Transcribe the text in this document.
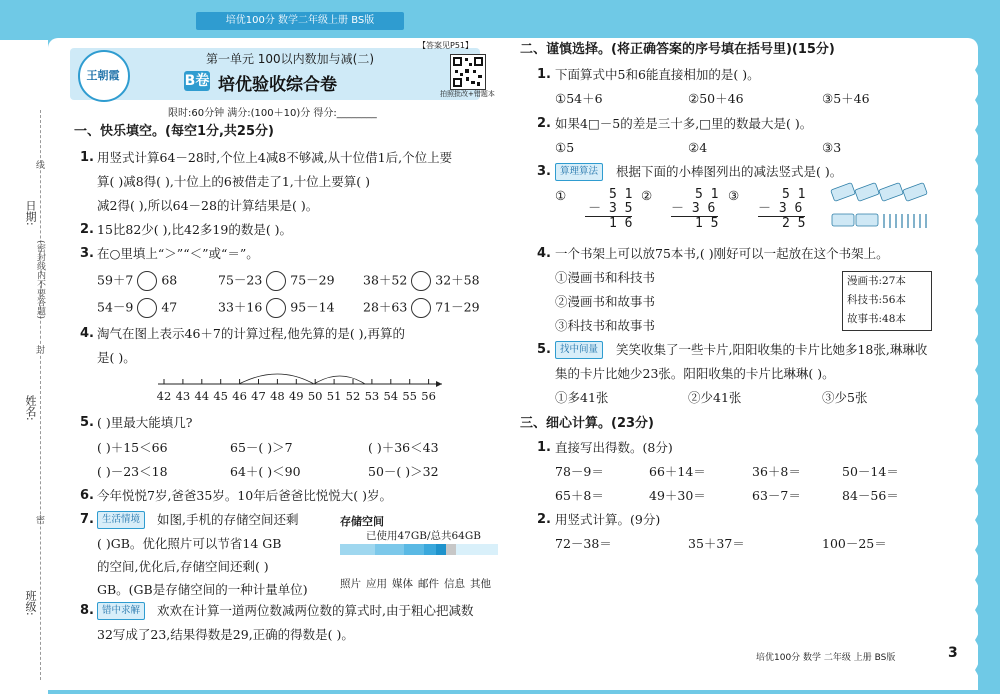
培优100分 数学二年级上册 BS版
日期:
姓名:
班级:
(密封线内不要答题)
线
封
密
王朝霞
第一单元 100以内数加与减(二)
B卷 培优验收综合卷
【答案见P51】
拍照批改+错题本
限时:60分钟 满分:(100＋10)分 得分:________
一、快乐填空。(每空1分,共25分)
1. 用竖式计算64－28时,个位上4减8不够减,从十位借1后,个位上要
算( )减8得( ),十位上的6被借走了1,十位上要算( )
减2得( ),所以64－28的计算结果是( )。
2. 15比82少( ),比42多19的数是( )。
3. 在○里填上“＞”“＜”或“＝”。
59＋7 68	75－23 75－29 38＋52 32＋58
54－9 47	33＋16 95－14 28＋63 71－29
4. 淘气在图上表示46＋7的计算过程,他先算的是( ),再算的
是( )。
42 43 44 45 46 47 48 49 50 51 52 53 54 55 56
5. ( )里最大能填几?
( )＋15＜66	65－( )＞7	( )＋36＜43
( )－23＜18	64＋( )＜90	50－( )＞32
6. 今年悦悦7岁,爸爸35岁。10年后爸爸比悦悦大( )岁。
7. 生活情境	如图,手机的存储空间还剩
( )GB。优化照片可以节省14 GB
的空间,优化后,存储空间还剩( )
GB。(GB是存储空间的一种计量单位)
存储空间
已使用47GB/总共64GB
照片 应用 媒体 邮件 信息 其他
8. 错中求解	欢欢在计算一道两位数减两位数的算式时,由于粗心把减数
32写成了23,结果得数是29,正确的得数是( )。
二、谨慎选择。(将正确答案的序号填在括号里)(15分)
1. 下面算式中5和6能直接相加的是( )。
①54＋6	②50＋46	③5＋46
2. 如果4□－5的差是三十多,□里的数最大是( )。
①5	②4	③3
3. 算理算法	根据下面的小棒图列出的减法竖式是( )。
①	5 1
－ 3 5
1 6
②	5 1
－ 3 6
1 5
③	5 1
－ 3 6
2 5
4. 一个书架上可以放75本书,( )刚好可以一起放在这个书架上。
①漫画书和科技书
②漫画书和故事书
③科技书和故事书
漫画书:27本
科技书:56本
故事书:48本
5. 找中间量	笑笑收集了一些卡片,阳阳收集的卡片比她多18张,琳琳收
集的卡片比她少23张。阳阳收集的卡片比琳琳( )。
①多41张	②少41张	③少5张
三、细心计算。(23分)
1. 直接写出得数。(8分)
78－9＝	66＋14＝	36＋8＝	50－14＝
65＋8＝	49＋30＝	63－7＝	84－56＝
2. 用竖式计算。(9分)
72－38＝	35＋37＝	100－25＝
培优100分 数学 二年级 上册 BS版	3
